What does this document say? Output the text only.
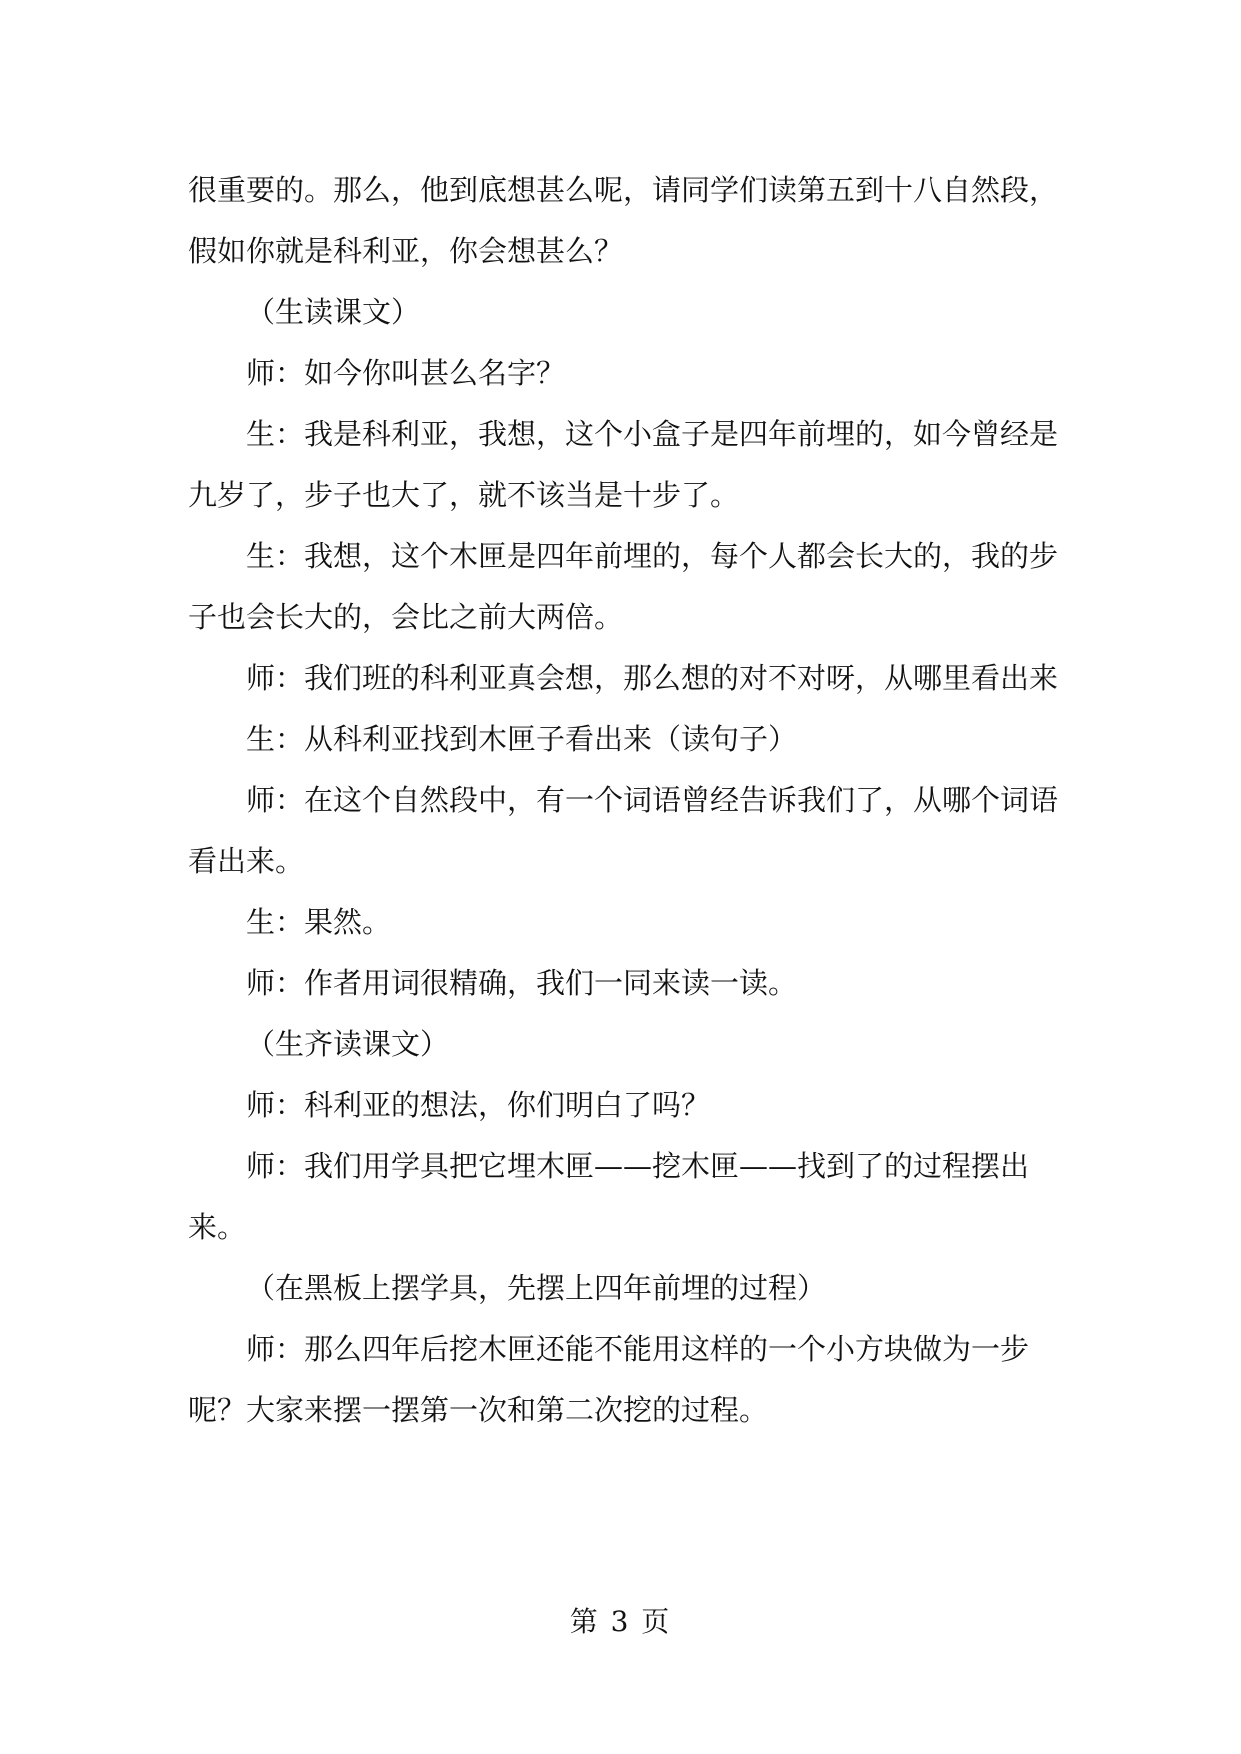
很重要的。那么，他到底想甚么呢，请同学们读第五到十八自然段，假如你就是科利亚，你会想甚么？

（生读课文）

师：如今你叫甚么名字？

生：我是科利亚，我想，这个小盒子是四年前埋的，如今曾经是九岁了，步子也大了，就不该当是十步了。

生：我想，这个木匣是四年前埋的，每个人都会长大的，我的步子也会长大的，会比之前大两倍。

师：我们班的科利亚真会想，那么想的对不对呀，从哪里看出来

生：从科利亚找到木匣子看出来（读句子）

师：在这个自然段中，有一个词语曾经告诉我们了，从哪个词语看出来。

生：果然。

师：作者用词很精确，我们一同来读一读。

（生齐读课文）

师：科利亚的想法，你们明白了吗？

师：我们用学具把它埋木匣——挖木匣——找到了的过程摆出来。

（在黑板上摆学具，先摆上四年前埋的过程）

师：那么四年后挖木匣还能不能用这样的一个小方块做为一步呢？大家来摆一摆第一次和第二次挖的过程。

第 3 页
